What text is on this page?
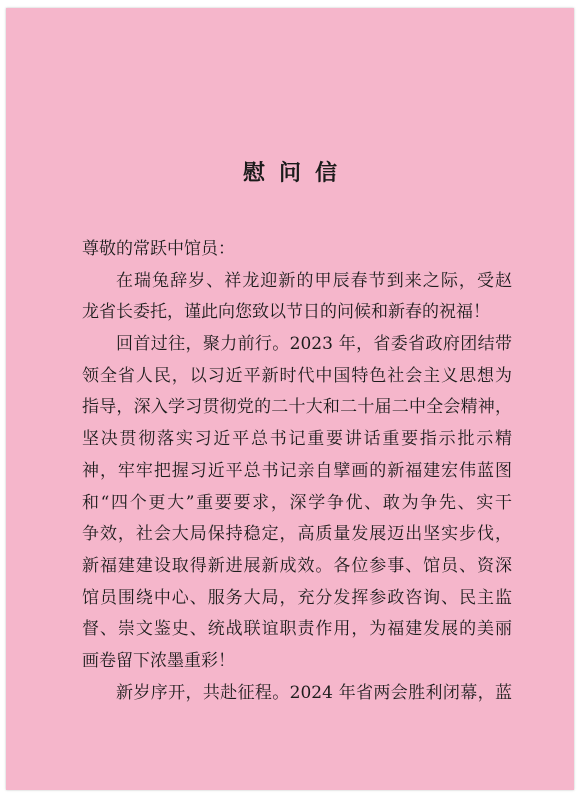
慰问信
尊敬的常跃中馆员：
在瑞兔辞岁、祥龙迎新的甲辰春节到来之际，受赵
龙省长委托，谨此向您致以节日的问候和新春的祝福！
回首过往，聚力前行。2023 年，省委省政府团结带
领全省人民，以习近平新时代中国特色社会主义思想为
指导，深入学习贯彻党的二十大和二十届二中全会精神，
坚决贯彻落实习近平总书记重要讲话重要指示批示精
神，牢牢把握习近平总书记亲自擘画的新福建宏伟蓝图
和“四个更大”重要要求，深学争优、敢为争先、实干
争效，社会大局保持稳定，高质量发展迈出坚实步伐，
新福建建设取得新进展新成效。各位参事、馆员、资深
馆员围绕中心、服务大局，充分发挥参政咨询、民主监
督、崇文鉴史、统战联谊职责作用，为福建发展的美丽
画卷留下浓墨重彩！
新岁序开，共赴征程。2024 年省两会胜利闭幕，蓝
